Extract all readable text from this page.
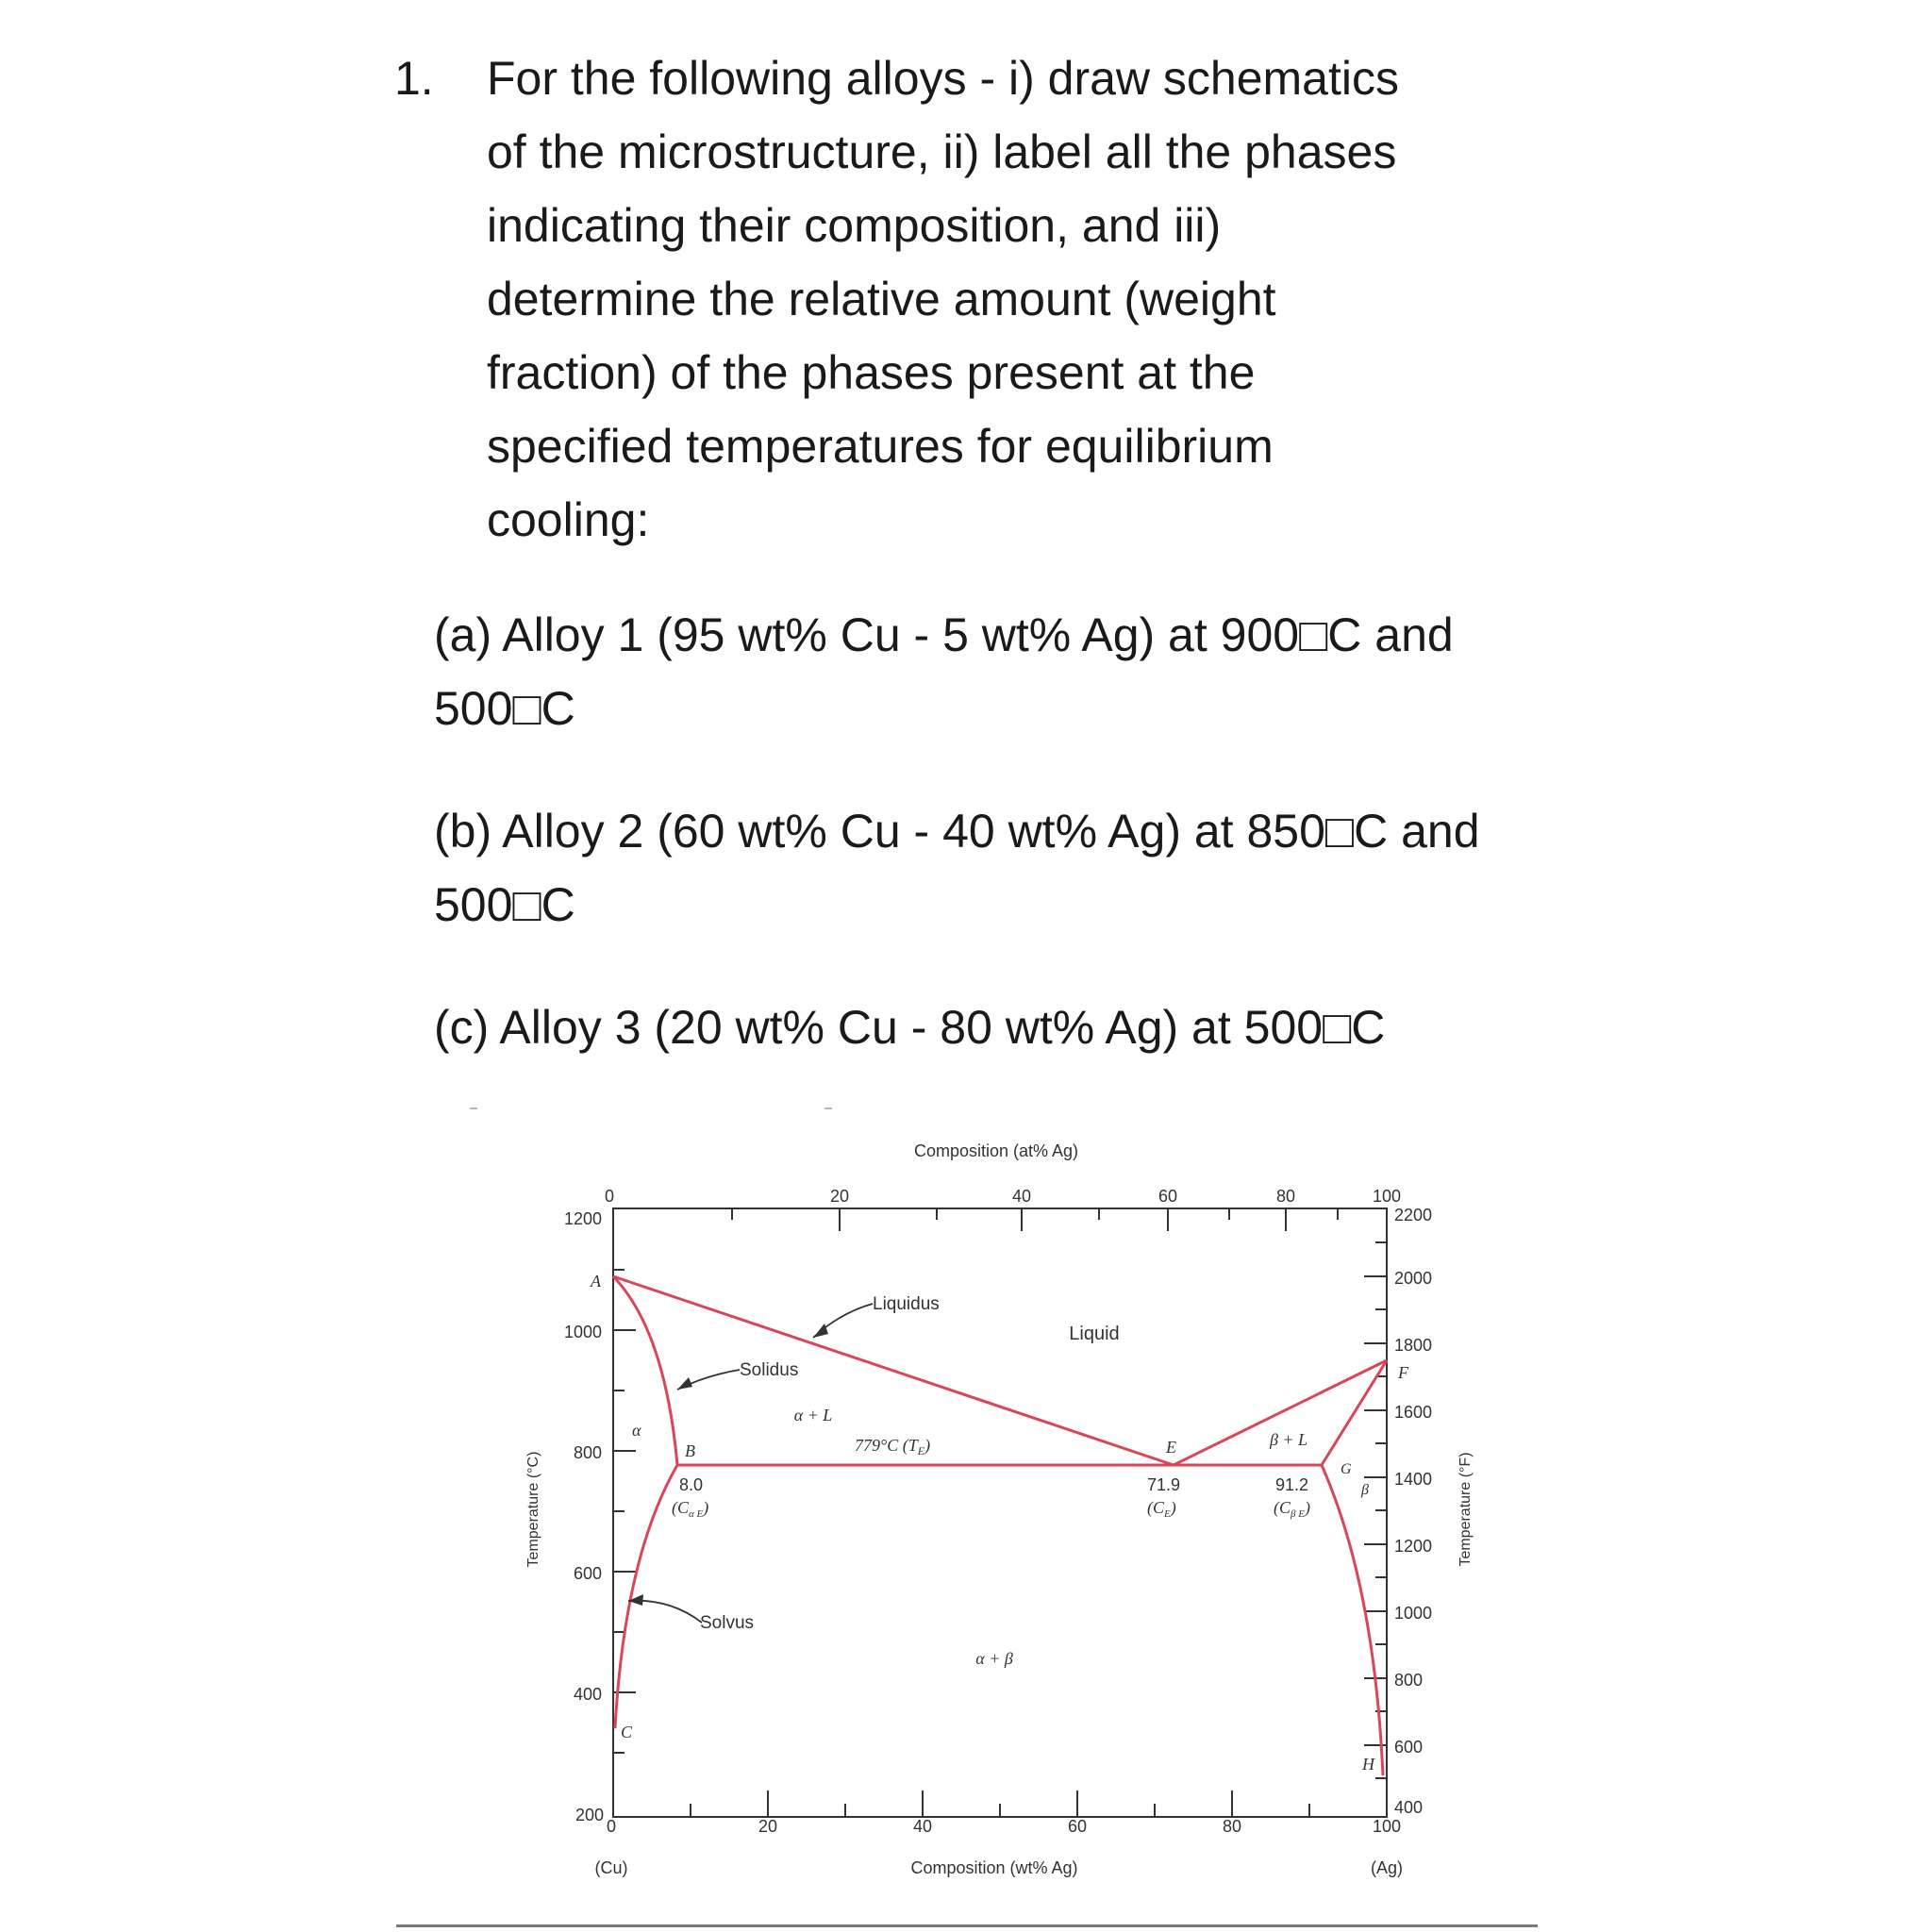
1. For the following alloys - i) draw schematics

of the microstructure, ii) label all the phases

indicating their composition, and iii)

determine the relative amount (weight

fraction) of the phases present at the

specified temperatures for equilibrium

cooling:

(a) Alloy 1 (95 wt% Cu - 5 wt% Ag) at 900□C and
500□C
(b) Alloy 2 (60 wt% Cu - 40 wt% Ag) at 850□C and
500□C
(c) Alloy 3 (20 wt% Cu - 80 wt% Ag) at 500□C
Composition (at% Ag)
Composition (wt% Ag)
Temperature (°C)	Temperature (°F)
0	20	40	60	80	100
0	20	40	60	80	100
1200
1000
800
600
400
200
2200
2000
1800
1600
1400
1200
1000
800
600
400
(Cu)	(Ag)
Liquidus
Solidus
Solvus
Liquid
α
α + L
β + L
β
α + β
779°C $(T_E)$
A
B
C
E
F
G
H
8.0
$(C_{\alpha E})$
71.9
$(C_E)$
91.2
$(C_{\beta E})$
